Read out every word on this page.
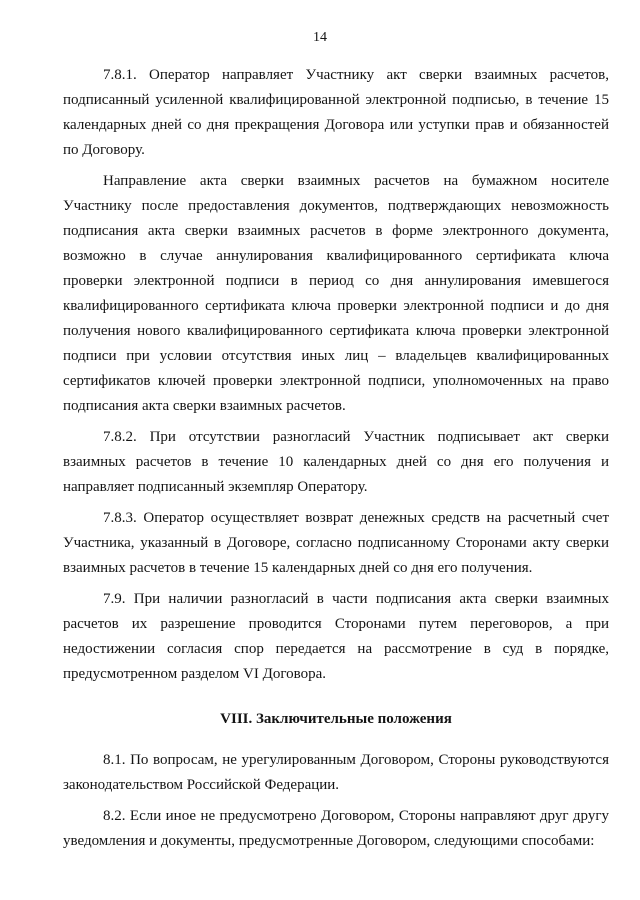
14

7.8.1. Оператор направляет Участнику акт сверки взаимных расчетов, подписанный усиленной квалифицированной электронной подписью, в течение 15 календарных дней со дня прекращения Договора или уступки прав и обязанностей по Договору.

Направление акта сверки взаимных расчетов на бумажном носителе Участнику после предоставления документов, подтверждающих невозможность подписания акта сверки взаимных расчетов в форме электронного документа, возможно в случае аннулирования квалифицированного сертификата ключа проверки электронной подписи в период со дня аннулирования имевшегося квалифицированного сертификата ключа проверки электронной подписи и до дня получения нового квалифицированного сертификата ключа проверки электронной подписи при условии отсутствия иных лиц – владельцев квалифицированных сертификатов ключей проверки электронной подписи, уполномоченных на право подписания акта сверки взаимных расчетов.

7.8.2. При отсутствии разногласий Участник подписывает акт сверки взаимных расчетов в течение 10 календарных дней со дня его получения и направляет подписанный экземпляр Оператору.

7.8.3. Оператор осуществляет возврат денежных средств на расчетный счет Участника, указанный в Договоре, согласно подписанному Сторонами акту сверки взаимных расчетов в течение 15 календарных дней со дня его получения.

7.9. При наличии разногласий в части подписания акта сверки взаимных расчетов их разрешение проводится Сторонами путем переговоров, а при недостижении согласия спор передается на рассмотрение в суд в порядке, предусмотренном разделом VI Договора.

VIII. Заключительные положения

8.1. По вопросам, не урегулированным Договором, Стороны руководствуются законодательством Российской Федерации.

8.2. Если иное не предусмотрено Договором, Стороны направляют друг другу уведомления и документы, предусмотренные Договором, следующими способами:
